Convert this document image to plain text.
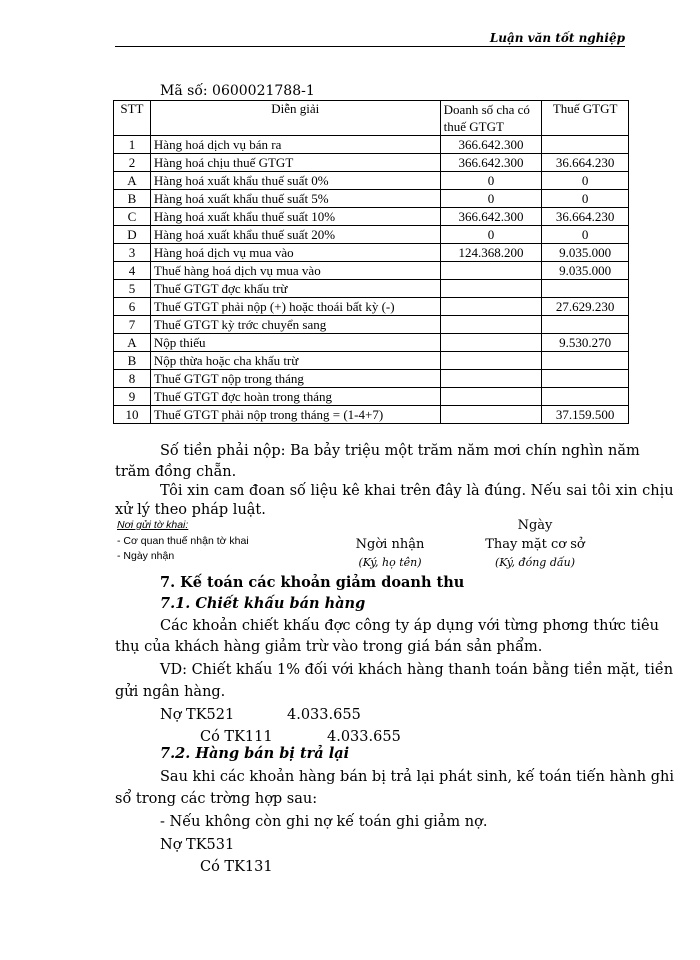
Luận văn tốt nghiệp
Mã số: 0600021788-1
STT	Diễn giải	Doanh số cha có thuế GTGT	Thuế GTGT
1	Hàng hoá dịch vụ bán ra	366.642.300	
2	Hàng hoá chịu thuế GTGT	366.642.300	36.664.230
A	Hàng hoá xuất khẩu thuế suất 0%	0	0
B	Hàng hoá xuất khẩu thuế suất 5%	0	0
C	Hàng hoá xuất khẩu thuế suất 10%	366.642.300	36.664.230
D	Hàng hoá xuất khẩu thuế suất 20%	0	0
3	Hàng hoá dịch vụ mua vào	124.368.200	9.035.000
4	Thuế hàng hoá dịch vụ mua vào		9.035.000
5	Thuế GTGT đợc khấu trừ		
6	Thuế GTGT phải nộp (+) hoặc thoái bất kỳ (-)		27.629.230
7	Thuế GTGT kỳ trớc chuyển sang		
A	Nộp thiếu		9.530.270
B	Nộp thừa hoặc cha khấu trừ		
8	Thuế GTGT nộp trong tháng		
9	Thuế GTGT đợc hoàn trong tháng		
10	Thuế GTGT phải nộp trong tháng = (1-4+7)		37.159.500
Số tiền phải nộp: Ba bảy triệu một trăm năm mơi chín nghìn năm
trăm đồng chẵn.
Tôi xin cam đoan số liệu kê khai trên đây là đúng. Nếu sai tôi xin chịu
xử lý theo pháp luật.
Nơi gửi tờ khai:
- Cơ quan thuế nhận tờ khai
- Ngày nhận
Ngời nhận
(Ký, họ tên)
Ngày
Thay mặt cơ sở
(Ký, đóng dấu)
7. Kế toán các khoản giảm doanh thu
7.1. Chiết khấu bán hàng
Các khoản chiết khấu đợc công ty áp dụng với từng phơng thức tiêu
thụ của khách hàng giảm trừ vào trong giá bán sản phẩm.
VD: Chiết khấu 1% đối với khách hàng thanh toán bằng tiền mặt, tiền
gửi ngân hàng.
Nợ TK521	4.033.655
Có TK111	4.033.655
7.2. Hàng bán bị trả lại
Sau khi các khoản hàng bán bị trả lại phát sinh, kế toán tiến hành ghi
sổ trong các trờng hợp sau:
- Nếu không còn ghi nợ kế toán ghi giảm nợ.
Nợ TK531
Có TK131
